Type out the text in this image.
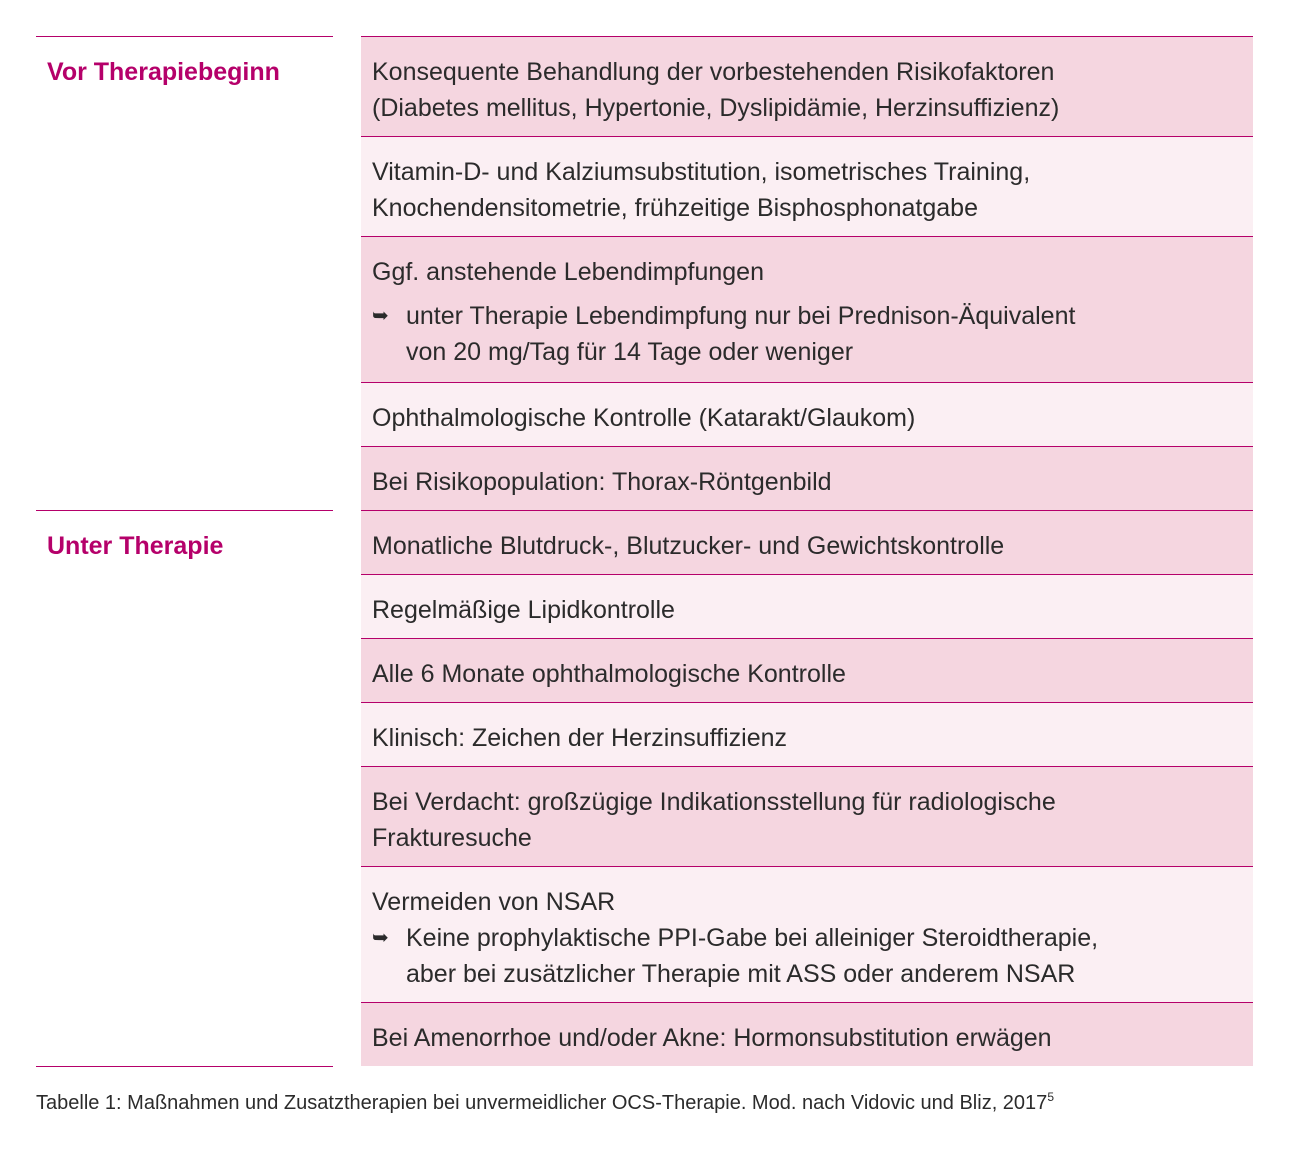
Vor Therapiebeginn	Konsequente Behandlung der vorbestehenden Risikofaktoren
(Diabetes mellitus, Hypertonie, Dyslipidämie, Herzinsuffizienz)
Vitamin-D- und Kalziumsubstitution, isometrisches Training,
Knochendensitometrie, frühzeitige Bisphosphonatgabe
Ggf. anstehende Lebendimpfungen
➥ unter Therapie Lebendimpfung nur bei Prednison-Äquivalent
von 20 mg/Tag für 14 Tage oder weniger
Ophthalmologische Kontrolle (Katarakt/Glaukom)
Bei Risikopopulation: Thorax-Röntgenbild
Unter Therapie	Monatliche Blutdruck-, Blutzucker- und Gewichtskontrolle
Regelmäßige Lipidkontrolle
Alle 6 Monate ophthalmologische Kontrolle
Klinisch: Zeichen der Herzinsuffizienz
Bei Verdacht: großzügige Indikationsstellung für radiologische
Frakturesuche
Vermeiden von NSAR
➥ Keine prophylaktische PPI-Gabe bei alleiniger Steroidtherapie,
aber bei zusätzlicher Therapie mit ASS oder anderem NSAR
Bei Amenorrhoe und/oder Akne: Hormonsubstitution erwägen
Tabelle 1: Maßnahmen und Zusatztherapien bei unvermeidlicher OCS-Therapie. Mod. nach Vidovic und Bliz, 2017$^5$
